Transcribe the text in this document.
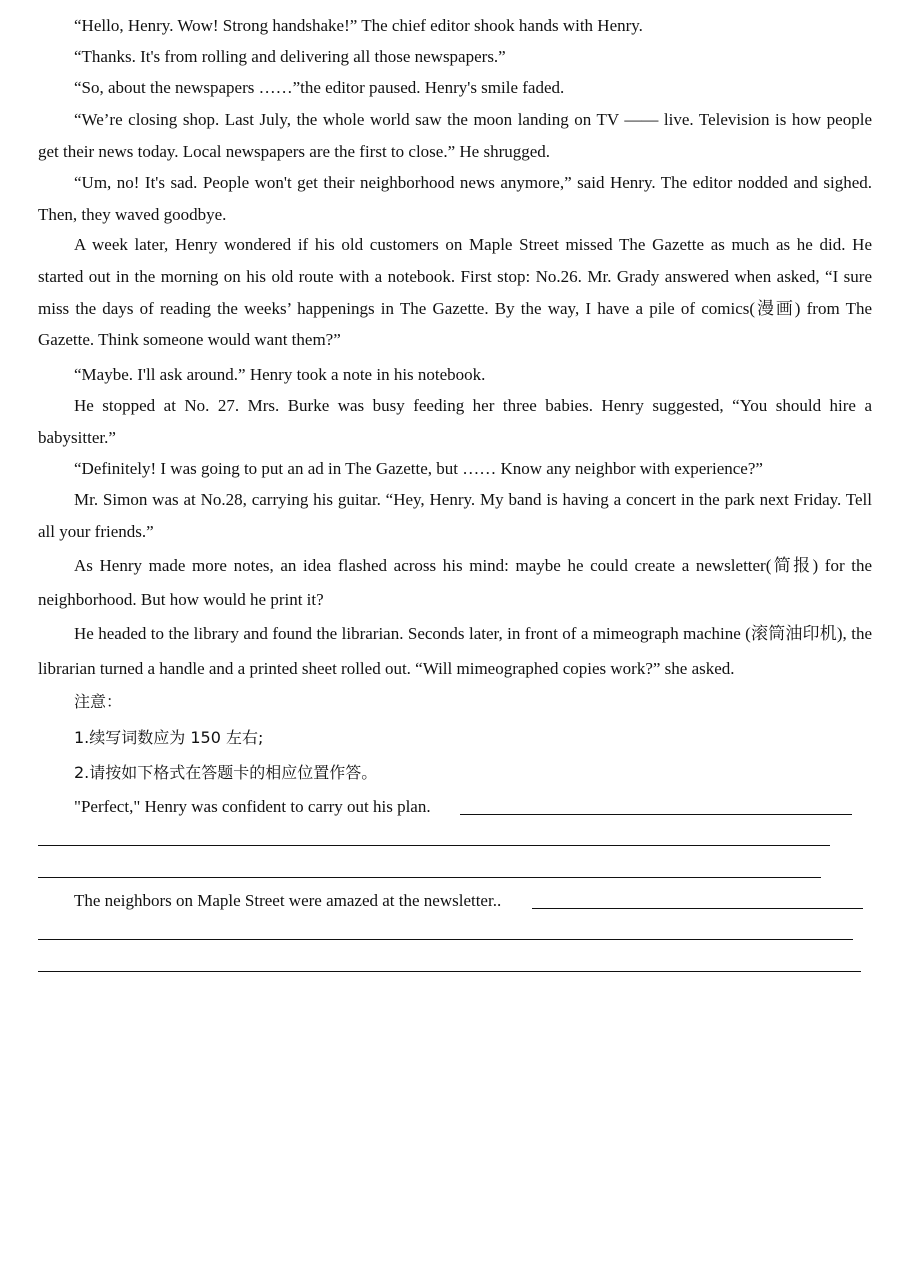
“Hello, Henry. Wow! Strong handshake!” The chief editor shook hands with Henry.

“Thanks. It's from rolling and delivering all those newspapers.”

“So, about the newspapers ……”the editor paused. Henry's smile faded.

“We’re closing shop. Last July, the whole world saw the moon landing on TV —— live. Television is how people get their news today. Local newspapers are the first to close.” He shrugged.

“Um, no! It's sad. People won't get their neighborhood news anymore,” said Henry. The editor nodded and sighed. Then, they waved goodbye.

A week later, Henry wondered if his old customers on Maple Street missed The Gazette as much as he did. He started out in the morning on his old route with a notebook. First stop: No.26. Mr. Grady answered when asked, “I sure miss the days of reading the weeks’ happenings in The Gazette. By the way, I have a pile of comics(漫画) from The Gazette. Think someone would want them?”

“Maybe. I'll ask around.” Henry took a note in his notebook.

He stopped at No. 27. Mrs. Burke was busy feeding her three babies. Henry suggested, “You should hire a babysitter.”

“Definitely! I was going to put an ad in The Gazette, but …… Know any neighbor with experience?”

Mr. Simon was at No.28, carrying his guitar. “Hey, Henry. My band is having a concert in the park next Friday. Tell all your friends.”

As Henry made more notes, an idea flashed across his mind: maybe he could create a newsletter(简报) for the neighborhood. But how would he print it?

He headed to the library and found the librarian. Seconds later, in front of a mimeograph machine (滚筒油印机), the librarian turned a handle and a printed sheet rolled out. “Will mimeographed copies work?” she asked.

注意：

1.续写词数应为 150 左右;

2.请按如下格式在答题卡的相应位置作答。

"Perfect," Henry was confident to carry out his plan.

The neighbors on Maple Street were amazed at the newsletter..
